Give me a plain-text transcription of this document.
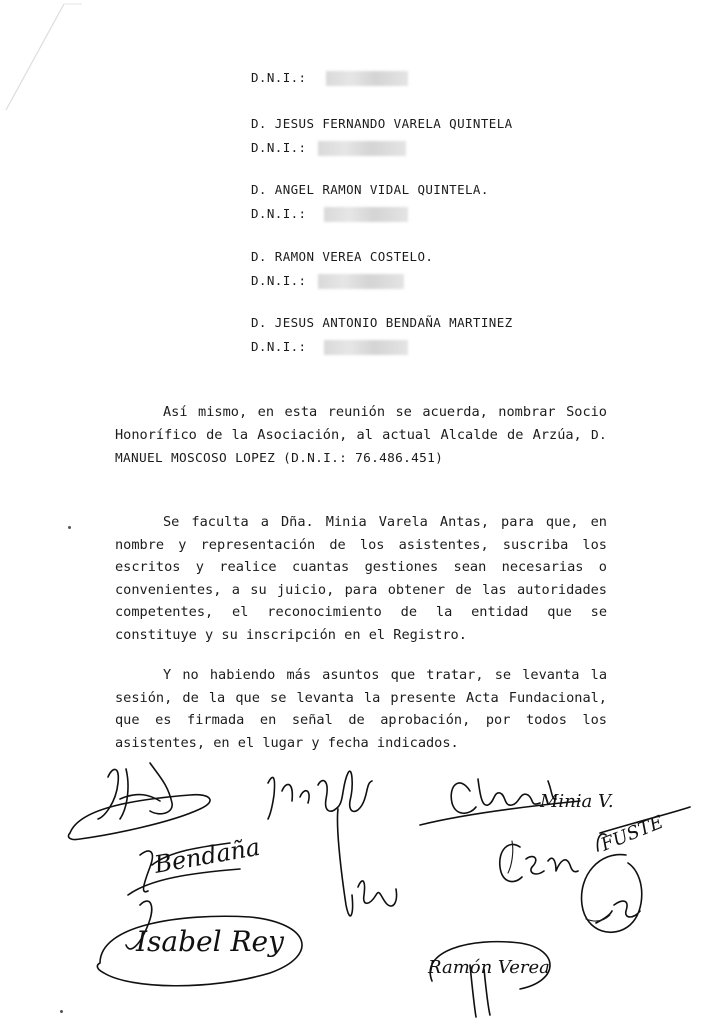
D.N.I.:
D. JESUS FERNANDO VARELA QUINTELA
D.N.I.:
D. ANGEL RAMON VIDAL QUINTELA.
D.N.I.:
D. RAMON VEREA COSTELO.
D.N.I.:
D. JESUS ANTONIO BENDAÑA MARTINEZ
D.N.I.:
Así mismo, en esta reunión se acuerda, nombrar Socio Honorífico de la Asociación, al actual Alcalde de Arzúa, D. MANUEL MOSCOSO LOPEZ (D.N.I.: 76.486.451)
Se faculta a Dña. Minia Varela Antas, para que, en nombre y representación de los asistentes, suscriba los escritos y realice cuantas gestiones sean necesarias o convenientes, a su juicio, para obtener de las autoridades competentes, el reconocimiento de la entidad que se constituye y su inscripción en el Registro.
Y no habiendo más asuntos que tratar, se levanta la sesión, de la que se levanta la presente Acta Fundacional, que es firmada en señal de aprobación, por todos los asistentes, en el lugar y fecha indicados.
Minia V.
Bendaña
Isabel Rey
Ramón Verea
FUSTE
